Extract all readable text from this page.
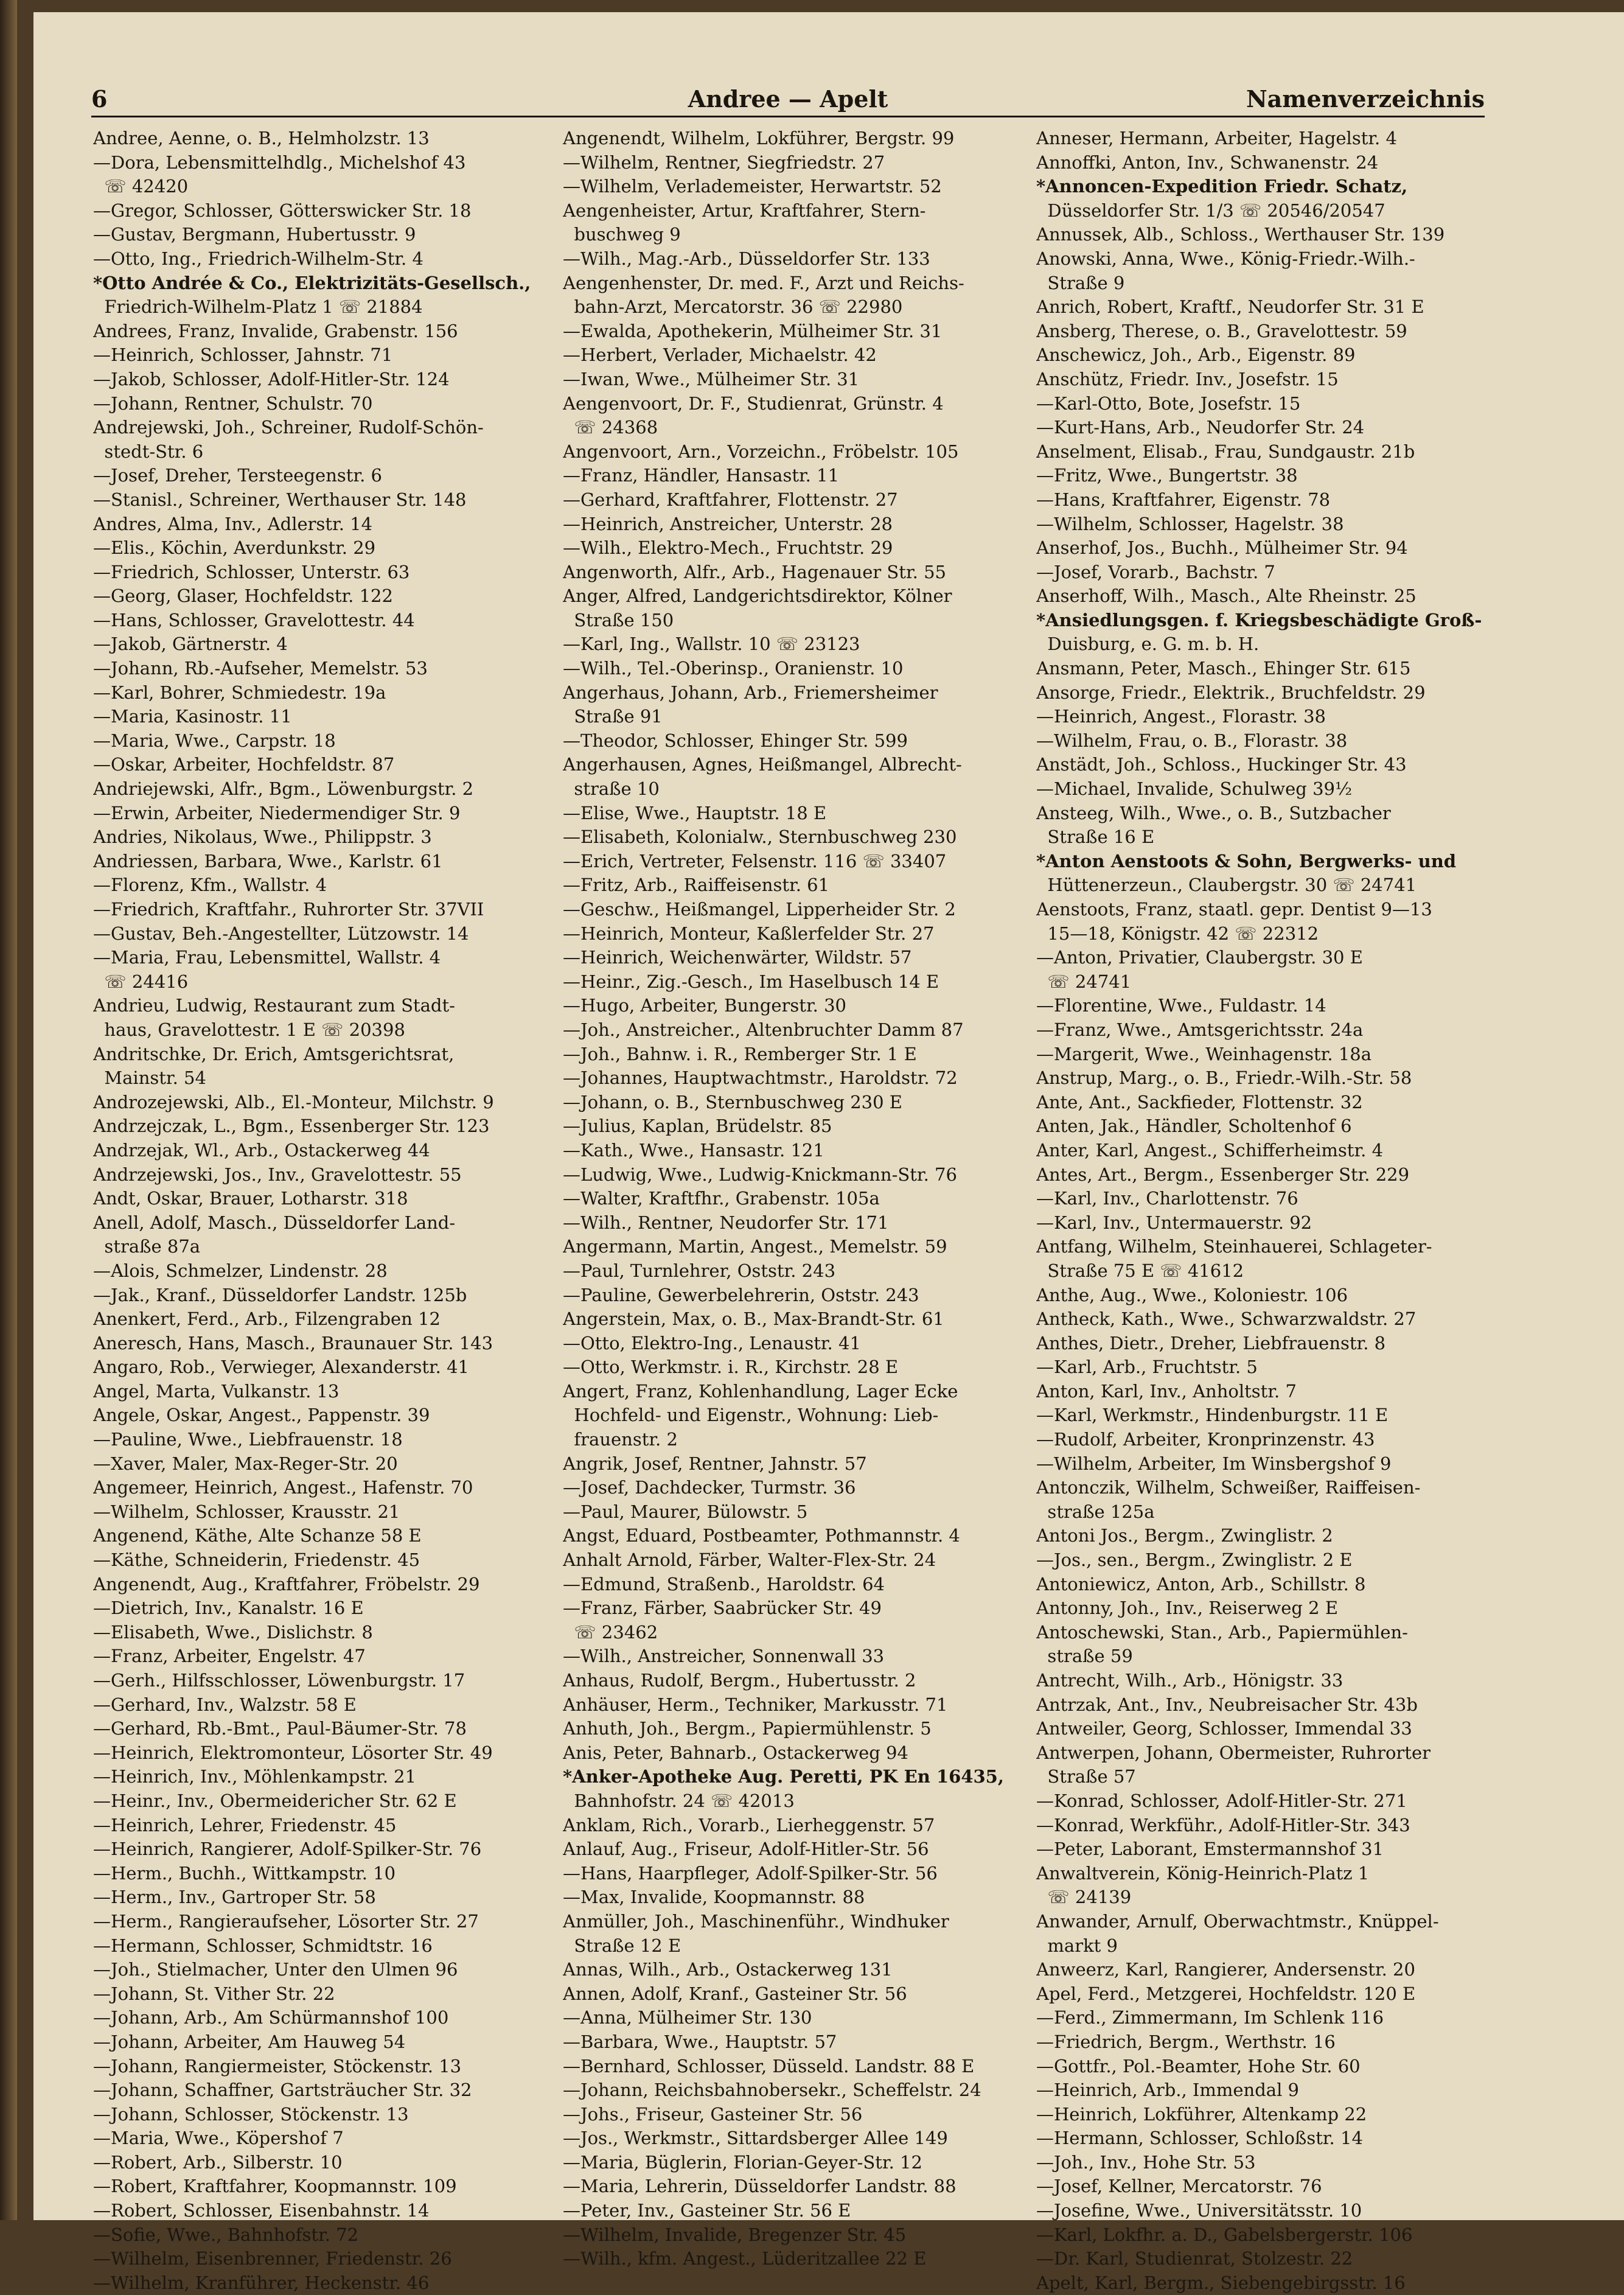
6	Andree — Apelt	Namenverzeichnis
Andree, Aenne, o. B., Helmholzstr. 13
—Dora, Lebensmittelhdlg., Michelshof 43
☏ 42420
—Gregor, Schlosser, Götterswicker Str. 18
—Gustav, Bergmann, Hubertusstr. 9
—Otto, Ing., Friedrich-Wilhelm-Str. 4
*Otto Andrée & Co., Elektrizitäts-Gesellsch.,
Friedrich-Wilhelm-Platz 1 ☏ 21884
Andrees, Franz, Invalide, Grabenstr. 156
—Heinrich, Schlosser, Jahnstr. 71
—Jakob, Schlosser, Adolf-Hitler-Str. 124
—Johann, Rentner, Schulstr. 70
Andrejewski, Joh., Schreiner, Rudolf-Schön-
stedt-Str. 6
—Josef, Dreher, Tersteegenstr. 6
—Stanisl., Schreiner, Werthauser Str. 148
Andres, Alma, Inv., Adlerstr. 14
—Elis., Köchin, Averdunkstr. 29
—Friedrich, Schlosser, Unterstr. 63
—Georg, Glaser, Hochfeldstr. 122
—Hans, Schlosser, Gravelottestr. 44
—Jakob, Gärtnerstr. 4
—Johann, Rb.-Aufseher, Memelstr. 53
—Karl, Bohrer, Schmiedestr. 19a
—Maria, Kasinostr. 11
—Maria, Wwe., Carpstr. 18
—Oskar, Arbeiter, Hochfeldstr. 87
Andriejewski, Alfr., Bgm., Löwenburgstr. 2
—Erwin, Arbeiter, Niedermendiger Str. 9
Andries, Nikolaus, Wwe., Philippstr. 3
Andriessen, Barbara, Wwe., Karlstr. 61
—Florenz, Kfm., Wallstr. 4
—Friedrich, Kraftfahr., Ruhrorter Str. 37VII
—Gustav, Beh.-Angestellter, Lützowstr. 14
—Maria, Frau, Lebensmittel, Wallstr. 4
☏ 24416
Andrieu, Ludwig, Restaurant zum Stadt-
haus, Gravelottestr. 1 E ☏ 20398
Andritschke, Dr. Erich, Amtsgerichtsrat,
Mainstr. 54
Androzejewski, Alb., El.-Monteur, Milchstr. 9
Andrzejczak, L., Bgm., Essenberger Str. 123
Andrzejak, Wl., Arb., Ostackerweg 44
Andrzejewski, Jos., Inv., Gravelottestr. 55
Andt, Oskar, Brauer, Lotharstr. 318
Anell, Adolf, Masch., Düsseldorfer Land-
straße 87a
—Alois, Schmelzer, Lindenstr. 28
—Jak., Kranf., Düsseldorfer Landstr. 125b
Anenkert, Ferd., Arb., Filzengraben 12
Aneresch, Hans, Masch., Braunauer Str. 143
Angaro, Rob., Verwieger, Alexanderstr. 41
Angel, Marta, Vulkanstr. 13
Angele, Oskar, Angest., Pappenstr. 39
—Pauline, Wwe., Liebfrauenstr. 18
—Xaver, Maler, Max-Reger-Str. 20
Angemeer, Heinrich, Angest., Hafenstr. 70
—Wilhelm, Schlosser, Krausstr. 21
Angenend, Käthe, Alte Schanze 58 E
—Käthe, Schneiderin, Friedenstr. 45
Angenendt, Aug., Kraftfahrer, Fröbelstr. 29
—Dietrich, Inv., Kanalstr. 16 E
—Elisabeth, Wwe., Dislichstr. 8
—Franz, Arbeiter, Engelstr. 47
—Gerh., Hilfsschlosser, Löwenburgstr. 17
—Gerhard, Inv., Walzstr. 58 E
—Gerhard, Rb.-Bmt., Paul-Bäumer-Str. 78
—Heinrich, Elektromonteur, Lösorter Str. 49
—Heinrich, Inv., Möhlenkampstr. 21
—Heinr., Inv., Obermeidericher Str. 62 E
—Heinrich, Lehrer, Friedenstr. 45
—Heinrich, Rangierer, Adolf-Spilker-Str. 76
—Herm., Buchh., Wittkampstr. 10
—Herm., Inv., Gartroper Str. 58
—Herm., Rangieraufseher, Lösorter Str. 27
—Hermann, Schlosser, Schmidtstr. 16
—Joh., Stielmacher, Unter den Ulmen 96
—Johann, St. Vither Str. 22
—Johann, Arb., Am Schürmannshof 100
—Johann, Arbeiter, Am Hauweg 54
—Johann, Rangiermeister, Stöckenstr. 13
—Johann, Schaffner, Gartsträucher Str. 32
—Johann, Schlosser, Stöckenstr. 13
—Maria, Wwe., Köpershof 7
—Robert, Arb., Silberstr. 10
—Robert, Kraftfahrer, Koopmannstr. 109
—Robert, Schlosser, Eisenbahnstr. 14
—Sofie, Wwe., Bahnhofstr. 72
—Wilhelm, Eisenbrenner, Friedenstr. 26
—Wilhelm, Kranführer, Heckenstr. 46
Angenendt, Wilhelm, Lokführer, Bergstr. 99
—Wilhelm, Rentner, Siegfriedstr. 27
—Wilhelm, Verlademeister, Herwartstr. 52
Aengenheister, Artur, Kraftfahrer, Stern-
buschweg 9
—Wilh., Mag.-Arb., Düsseldorfer Str. 133
Aengenhenster, Dr. med. F., Arzt und Reichs-
bahn-Arzt, Mercatorstr. 36 ☏ 22980
—Ewalda, Apothekerin, Mülheimer Str. 31
—Herbert, Verlader, Michaelstr. 42
—Iwan, Wwe., Mülheimer Str. 31
Aengenvoort, Dr. F., Studienrat, Grünstr. 4
☏ 24368
Angenvoort, Arn., Vorzeichn., Fröbelstr. 105
—Franz, Händler, Hansastr. 11
—Gerhard, Kraftfahrer, Flottenstr. 27
—Heinrich, Anstreicher, Unterstr. 28
—Wilh., Elektro-Mech., Fruchtstr. 29
Angenworth, Alfr., Arb., Hagenauer Str. 55
Anger, Alfred, Landgerichtsdirektor, Kölner
Straße 150
—Karl, Ing., Wallstr. 10 ☏ 23123
—Wilh., Tel.-Oberinsp., Oranienstr. 10
Angerhaus, Johann, Arb., Friemersheimer
Straße 91
—Theodor, Schlosser, Ehinger Str. 599
Angerhausen, Agnes, Heißmangel, Albrecht-
straße 10
—Elise, Wwe., Hauptstr. 18 E
—Elisabeth, Kolonialw., Sternbuschweg 230
—Erich, Vertreter, Felsenstr. 116 ☏ 33407
—Fritz, Arb., Raiffeisenstr. 61
—Geschw., Heißmangel, Lipperheider Str. 2
—Heinrich, Monteur, Kaßlerfelder Str. 27
—Heinrich, Weichenwärter, Wildstr. 57
—Heinr., Zig.-Gesch., Im Haselbusch 14 E
—Hugo, Arbeiter, Bungerstr. 30
—Joh., Anstreicher., Altenbruchter Damm 87
—Joh., Bahnw. i. R., Remberger Str. 1 E
—Johannes, Hauptwachtmstr., Haroldstr. 72
—Johann, o. B., Sternbuschweg 230 E
—Julius, Kaplan, Brüdelstr. 85
—Kath., Wwe., Hansastr. 121
—Ludwig, Wwe., Ludwig-Knickmann-Str. 76
—Walter, Kraftfhr., Grabenstr. 105a
—Wilh., Rentner, Neudorfer Str. 171
Angermann, Martin, Angest., Memelstr. 59
—Paul, Turnlehrer, Oststr. 243
—Pauline, Gewerbelehrerin, Oststr. 243
Angerstein, Max, o. B., Max-Brandt-Str. 61
—Otto, Elektro-Ing., Lenaustr. 41
—Otto, Werkmstr. i. R., Kirchstr. 28 E
Angert, Franz, Kohlenhandlung, Lager Ecke
Hochfeld- und Eigenstr., Wohnung: Lieb-
frauenstr. 2
Angrik, Josef, Rentner, Jahnstr. 57
—Josef, Dachdecker, Turmstr. 36
—Paul, Maurer, Bülowstr. 5
Angst, Eduard, Postbeamter, Pothmannstr. 4
Anhalt Arnold, Färber, Walter-Flex-Str. 24
—Edmund, Straßenb., Haroldstr. 64
—Franz, Färber, Saabrücker Str. 49
☏ 23462
—Wilh., Anstreicher, Sonnenwall 33
Anhaus, Rudolf, Bergm., Hubertusstr. 2
Anhäuser, Herm., Techniker, Markusstr. 71
Anhuth, Joh., Bergm., Papiermühlenstr. 5
Anis, Peter, Bahnarb., Ostackerweg 94
*Anker-Apotheke Aug. Peretti, PK En 16435,
Bahnhofstr. 24 ☏ 42013
Anklam, Rich., Vorarb., Lierheggenstr. 57
Anlauf, Aug., Friseur, Adolf-Hitler-Str. 56
—Hans, Haarpfleger, Adolf-Spilker-Str. 56
—Max, Invalide, Koopmannstr. 88
Anmüller, Joh., Maschinenführ., Windhuker
Straße 12 E
Annas, Wilh., Arb., Ostackerweg 131
Annen, Adolf, Kranf., Gasteiner Str. 56
—Anna, Mülheimer Str. 130
—Barbara, Wwe., Hauptstr. 57
—Bernhard, Schlosser, Düsseld. Landstr. 88 E
—Johann, Reichsbahnobersekr., Scheffelstr. 24
—Johs., Friseur, Gasteiner Str. 56
—Jos., Werkmstr., Sittardsberger Allee 149
—Maria, Büglerin, Florian-Geyer-Str. 12
—Maria, Lehrerin, Düsseldorfer Landstr. 88
—Peter, Inv., Gasteiner Str. 56 E
—Wilhelm, Invalide, Bregenzer Str. 45
—Wilh., kfm. Angest., Lüderitzallee 22 E
Anneser, Hermann, Arbeiter, Hagelstr. 4
Annoffki, Anton, Inv., Schwanenstr. 24
*Annoncen-Expedition Friedr. Schatz,
Düsseldorfer Str. 1/3 ☏ 20546/20547
Annussek, Alb., Schloss., Werthauser Str. 139
Anowski, Anna, Wwe., König-Friedr.-Wilh.-
Straße 9
Anrich, Robert, Kraftf., Neudorfer Str. 31 E
Ansberg, Therese, o. B., Gravelottestr. 59
Anschewicz, Joh., Arb., Eigenstr. 89
Anschütz, Friedr. Inv., Josefstr. 15
—Karl-Otto, Bote, Josefstr. 15
—Kurt-Hans, Arb., Neudorfer Str. 24
Anselment, Elisab., Frau, Sundgaustr. 21b
—Fritz, Wwe., Bungertstr. 38
—Hans, Kraftfahrer, Eigenstr. 78
—Wilhelm, Schlosser, Hagelstr. 38
Anserhof, Jos., Buchh., Mülheimer Str. 94
—Josef, Vorarb., Bachstr. 7
Anserhoff, Wilh., Masch., Alte Rheinstr. 25
*Ansiedlungsgen. f. Kriegsbeschädigte Groß-
Duisburg, e. G. m. b. H.
Ansmann, Peter, Masch., Ehinger Str. 615
Ansorge, Friedr., Elektrik., Bruchfeldstr. 29
—Heinrich, Angest., Florastr. 38
—Wilhelm, Frau, o. B., Florastr. 38
Anstädt, Joh., Schloss., Huckinger Str. 43
—Michael, Invalide, Schulweg 39½
Ansteeg, Wilh., Wwe., o. B., Sutzbacher
Straße 16 E
*Anton Aenstoots & Sohn, Bergwerks- und
Hüttenerzeun., Claubergstr. 30 ☏ 24741
Aenstoots, Franz, staatl. gepr. Dentist 9—13
15—18, Königstr. 42 ☏ 22312
—Anton, Privatier, Claubergstr. 30 E
☏ 24741
—Florentine, Wwe., Fuldastr. 14
—Franz, Wwe., Amtsgerichtsstr. 24a
—Margerit, Wwe., Weinhagenstr. 18a
Anstrup, Marg., o. B., Friedr.-Wilh.-Str. 58
Ante, Ant., Sackfieder, Flottenstr. 32
Anten, Jak., Händler, Scholtenhof 6
Anter, Karl, Angest., Schifferheimstr. 4
Antes, Art., Bergm., Essenberger Str. 229
—Karl, Inv., Charlottenstr. 76
—Karl, Inv., Untermauerstr. 92
Antfang, Wilhelm, Steinhauerei, Schlageter-
Straße 75 E ☏ 41612
Anthe, Aug., Wwe., Koloniestr. 106
Antheck, Kath., Wwe., Schwarzwaldstr. 27
Anthes, Dietr., Dreher, Liebfrauenstr. 8
—Karl, Arb., Fruchtstr. 5
Anton, Karl, Inv., Anholtstr. 7
—Karl, Werkmstr., Hindenburgstr. 11 E
—Rudolf, Arbeiter, Kronprinzenstr. 43
—Wilhelm, Arbeiter, Im Winsbergshof 9
Antonczik, Wilhelm, Schweißer, Raiffeisen-
straße 125a
Antoni Jos., Bergm., Zwinglistr. 2
—Jos., sen., Bergm., Zwinglistr. 2 E
Antoniewicz, Anton, Arb., Schillstr. 8
Antonny, Joh., Inv., Reiserweg 2 E
Antoschewski, Stan., Arb., Papiermühlen-
straße 59
Antrecht, Wilh., Arb., Hönigstr. 33
Antrzak, Ant., Inv., Neubreisacher Str. 43b
Antweiler, Georg, Schlosser, Immendal 33
Antwerpen, Johann, Obermeister, Ruhrorter
Straße 57
—Konrad, Schlosser, Adolf-Hitler-Str. 271
—Konrad, Werkführ., Adolf-Hitler-Str. 343
—Peter, Laborant, Emstermannshof 31
Anwaltverein, König-Heinrich-Platz 1
☏ 24139
Anwander, Arnulf, Oberwachtmstr., Knüppel-
markt 9
Anweerz, Karl, Rangierer, Andersenstr. 20
Apel, Ferd., Metzgerei, Hochfeldstr. 120 E
—Ferd., Zimmermann, Im Schlenk 116
—Friedrich, Bergm., Werthstr. 16
—Gottfr., Pol.-Beamter, Hohe Str. 60
—Heinrich, Arb., Immendal 9
—Heinrich, Lokführer, Altenkamp 22
—Hermann, Schlosser, Schloßstr. 14
—Joh., Inv., Hohe Str. 53
—Josef, Kellner, Mercatorstr. 76
—Josefine, Wwe., Universitätsstr. 10
—Karl, Lokfhr. a. D., Gabelsbergerstr. 106
—Dr. Karl, Studienrat, Stolzestr. 22
Apelt, Karl, Bergm., Siebengebirgsstr. 16
